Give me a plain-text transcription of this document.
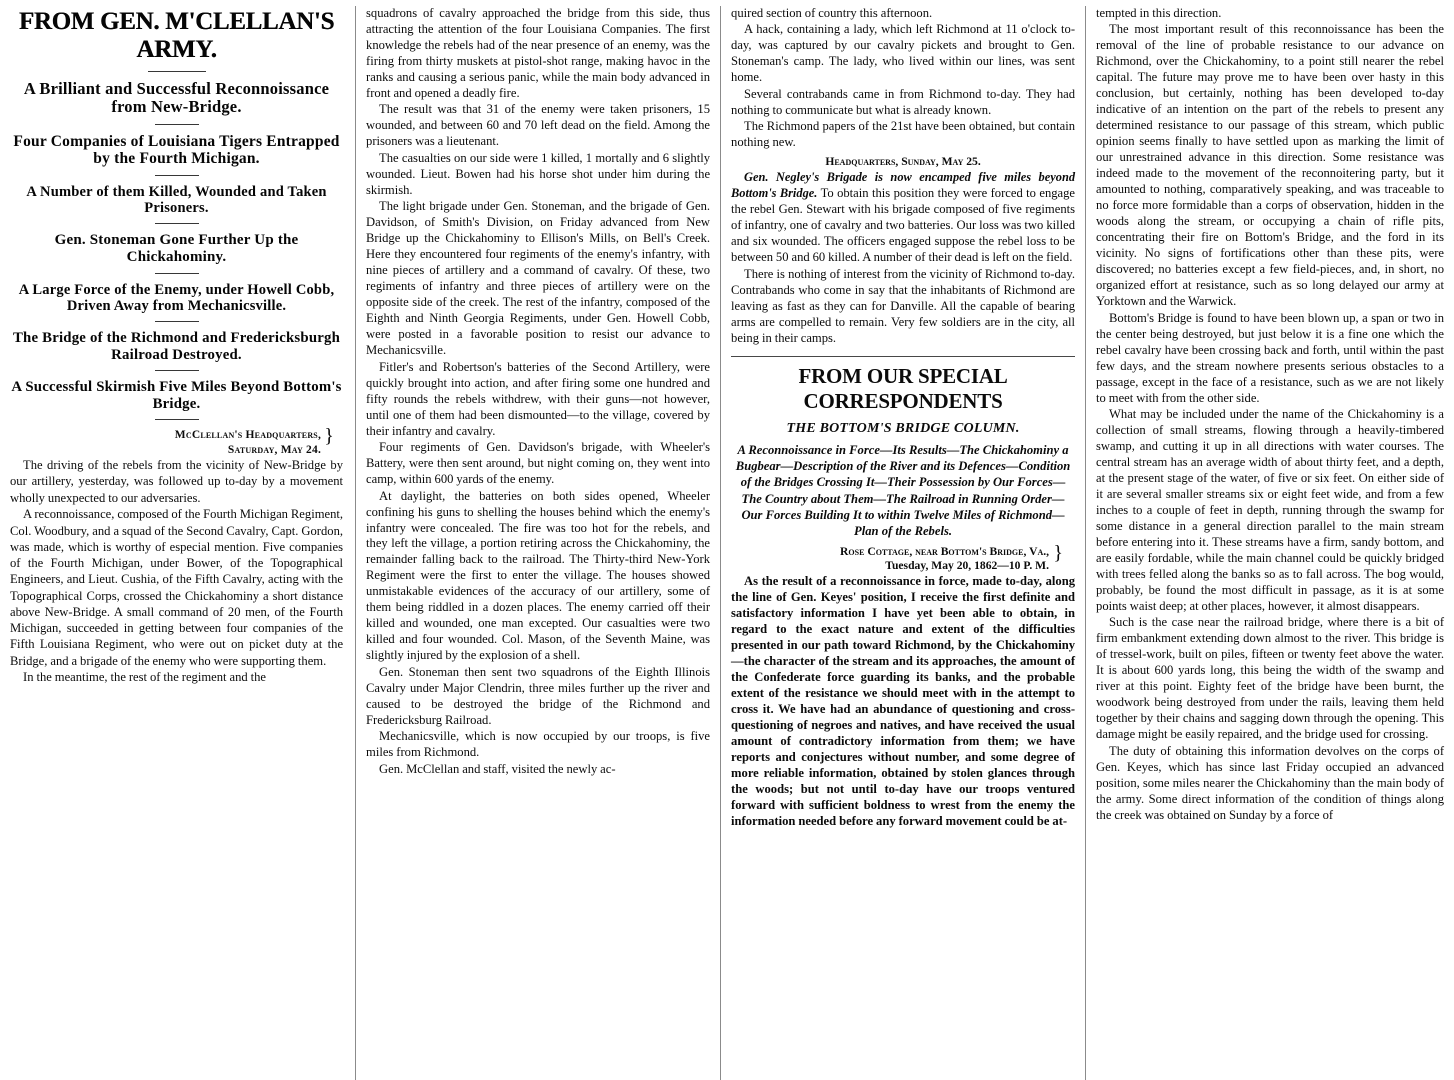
FROM GEN. M'CLELLAN'S ARMY.
A Brilliant and Successful Reconnoissance from New-Bridge.
Four Companies of Louisiana Tigers Entrapped by the Fourth Michigan.
A Number of them Killed, Wounded and Taken Prisoners.
Gen. Stoneman Gone Further Up the Chickahominy.
A Large Force of the Enemy, under Howell Cobb, Driven Away from Mechanicsville.
The Bridge of the Richmond and Fredericksburgh Railroad Destroyed.
A Successful Skirmish Five Miles Beyond Bottom's Bridge.
}
McClellan's Headquarters,
Saturday, May 24.

The driving of the rebels from the vicinity of New-Bridge by our artillery, yesterday, was followed up to-day by a movement wholly unexpected to our adversaries.

A reconnoissance, composed of the Fourth Michigan Regiment, Col. Woodbury, and a squad of the Second Cavalry, Capt. Gordon, was made, which is worthy of especial mention. Five companies of the Fourth Michigan, under Bower, of the Topographical Engineers, and Lieut. Cushia, of the Fifth Cavalry, acting with the Topographical Corps, crossed the Chickahominy a short distance above New-Bridge. A small command of 20 men, of the Fourth Michigan, succeeded in getting between four companies of the Fifth Louisiana Regiment, who were out on picket duty at the Bridge, and a brigade of the enemy who were supporting them.

In the meantime, the rest of the regiment and the

squadrons of cavalry approached the bridge from this side, thus attracting the attention of the four Louisiana Companies. The first knowledge the rebels had of the near presence of an enemy, was the firing from thirty muskets at pistol-shot range, making havoc in the ranks and causing a serious panic, while the main body advanced in front and opened a deadly fire.

The result was that 31 of the enemy were taken prisoners, 15 wounded, and between 60 and 70 left dead on the field. Among the prisoners was a lieutenant.

The casualties on our side were 1 killed, 1 mortally and 6 slightly wounded. Lieut. Bowen had his horse shot under him during the skirmish.

The light brigade under Gen. Stoneman, and the brigade of Gen. Davidson, of Smith's Division, on Friday advanced from New Bridge up the Chickahominy to Ellison's Mills, on Bell's Creek. Here they encountered four regiments of the enemy's infantry, with nine pieces of artillery and a command of cavalry. Of these, two regiments of infantry and three pieces of artillery were on the opposite side of the creek. The rest of the infantry, composed of the Eighth and Ninth Georgia Regiments, under Gen. Howell Cobb, were posted in a favorable position to resist our advance to Mechanicsville.

Fitler's and Robertson's batteries of the Second Artillery, were quickly brought into action, and after firing some one hundred and fifty rounds the rebels withdrew, with their guns—not however, until one of them had been dismounted—to the village, covered by their infantry and cavalry.

Four regiments of Gen. Davidson's brigade, with Wheeler's Battery, were then sent around, but night coming on, they went into camp, within 600 yards of the enemy.

At daylight, the batteries on both sides opened, Wheeler confining his guns to shelling the houses behind which the enemy's infantry were concealed. The fire was too hot for the rebels, and they left the village, a portion retiring across the Chickahominy, the remainder falling back to the railroad. The Thirty-third New-York Regiment were the first to enter the village. The houses showed unmistakable evidences of the accuracy of our artillery, some of them being riddled in a dozen places. The enemy carried off their killed and wounded, one man excepted. Our casualties were two killed and four wounded. Col. Mason, of the Seventh Maine, was slightly injured by the explosion of a shell.

Gen. Stoneman then sent two squadrons of the Eighth Illinois Cavalry under Major Clendrin, three miles further up the river and caused to be destroyed the bridge of the Richmond and Fredericksburg Railroad.

Mechanicsville, which is now occupied by our troops, is five miles from Richmond.

Gen. McClellan and staff, visited the newly ac-

quired section of country this afternoon.

A hack, containing a lady, which left Richmond at 11 o'clock to-day, was captured by our cavalry pickets and brought to Gen. Stoneman's camp. The lady, who lived within our lines, was sent home.

Several contrabands came in from Richmond to-day. They had nothing to communicate but what is already known.

The Richmond papers of the 21st have been obtained, but contain nothing new.

Headquarters, Sunday, May 25.

Gen. Negley's Brigade is now encamped five miles beyond Bottom's Bridge. To obtain this position they were forced to engage the rebel Gen. Stewart with his brigade composed of five regiments of infantry, one of cavalry and two batteries. Our loss was two killed and six wounded. The officers engaged suppose the rebel loss to be between 50 and 60 killed. A number of their dead is left on the field.

There is nothing of interest from the vicinity of Richmond to-day. Contrabands who come in say that the inhabitants of Richmond are leaving as fast as they can for Danville. All the capable of bearing arms are compelled to remain. Very few soldiers are in the city, all being in their camps.

FROM OUR SPECIAL CORRESPONDENTS
THE BOTTOM'S BRIDGE COLUMN.
A Reconnoissance in Force—Its Results—The Chickahominy a Bugbear—Description of the River and its Defences—Condition of the Bridges Crossing It—Their Possession by Our Forces—The Country about Them—The Railroad in Running Order—Our Forces Building It to within Twelve Miles of Richmond—Plan of the Rebels.
}
Rose Cottage, near Bottom's Bridge, Va.,
Tuesday, May 20, 1862—10 P. M.

As the result of a reconnoissance in force, made to-day, along the line of Gen. Keyes' position, I receive the first definite and satisfactory information I have yet been able to obtain, in regard to the exact nature and extent of the difficulties presented in our path toward Richmond, by the Chickahominy—the character of the stream and its approaches, the amount of the Confederate force guarding its banks, and the probable extent of the resistance we should meet with in the attempt to cross it. We have had an abundance of questioning and cross-questioning of negroes and natives, and have received the usual amount of contradictory information from them; we have reports and conjectures without number, and some degree of more reliable information, obtained by stolen glances through the woods; but not until to-day have our troops ventured forward with sufficient boldness to wrest from the enemy the information needed before any forward movement could be at-

tempted in this direction.

The most important result of this reconnoissance has been the removal of the line of probable resistance to our advance on Richmond, over the Chickahominy, to a point still nearer the rebel capital. The future may prove me to have been over hasty in this conclusion, but certainly, nothing has been developed to-day indicative of an intention on the part of the rebels to present any determined resistance to our passage of this stream, which public opinion seems finally to have settled upon as marking the limit of our unrestrained advance in this direction. Some resistance was indeed made to the movement of the reconnoitering party, but it amounted to nothing, comparatively speaking, and was traceable to no force more formidable than a corps of observation, hidden in the woods along the stream, or occupying a chain of rifle pits, concentrating their fire on Bottom's Bridge, and the ford in its vicinity. No signs of fortifications other than these pits, were discovered; no batteries except a few field-pieces, and, in short, no organized effort at resistance, such as so long delayed our army at Yorktown and the Warwick.

Bottom's Bridge is found to have been blown up, a span or two in the center being destroyed, but just below it is a fine one which the rebel cavalry have been crossing back and forth, until within the past few days, and the stream nowhere presents serious obstacles to a passage, except in the face of a resistance, such as we are not likely to meet with from the other side.

What may be included under the name of the Chickahominy is a collection of small streams, flowing through a heavily-timbered swamp, and cutting it up in all directions with water courses. The central stream has an average width of about thirty feet, and a depth, at the present stage of the water, of five or six feet. On either side of it are several smaller streams six or eight feet wide, and from a few inches to a couple of feet in depth, running through the swamp for some distance in a general direction parallel to the main stream before entering into it. These streams have a firm, sandy bottom, and are easily fordable, while the main channel could be quickly bridged with trees felled along the banks so as to fall across. The bog would, probably, be found the most difficult in passage, as it is at some points waist deep; at other places, however, it almost disappears.

Such is the case near the railroad bridge, where there is a bit of firm embankment extending down almost to the river. This bridge is of tressel-work, built on piles, fifteen or twenty feet above the water. It is about 600 yards long, this being the width of the swamp and river at this point. Eighty feet of the bridge have been burnt, the woodwork being destroyed from under the rails, leaving them held together by their chains and sagging down through the opening. This damage might be easily repaired, and the bridge used for crossing.

The duty of obtaining this information devolves on the corps of Gen. Keyes, which has since last Friday occupied an advanced position, some miles nearer the Chickahominy than the main body of the army. Some direct information of the condition of things along the creek was obtained on Sunday by a force of
